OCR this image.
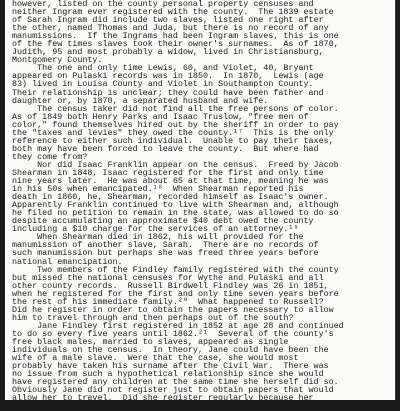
however, listed on the county personal property censuses and
neither Ingram ever registered with the county.  The 1839 estate
of Sarah Ingram did include two slaves, listed one right after
the other, named Thomas and Juda, but there is no record of any
manumissions.  If the Ingrams had been Ingram slaves, this is one
of the few times slaves took their owner's surnames.  As of 1870,
Judith, 95 and most probably a widow, lived in Christiansburg,
Montgomery County.
The one and only time Lewis, 60, and Violet, 40, Bryant
appeared on Pulaski records was in 1850.  In 1870,  Lewis (age
83) lived in Louisa County and Violet in Southampton County.
Their relationship is unclear; they could have been father and
daughter or, by 1870, a separated husband and wife.
The census taker did not find all the free persons of color.
As of 1849 both Henry Parks and Isaac Truslow, "free men of
color," found themselves hired out by the sheriff in order to pay
the "taxes and levies" they owed the county.¹⁷  This is the only
reference to either such individual.  Unable to pay their taxes,
both may have been forced to leave the county.  But where had
they come from?
Nor did Isaac Franklin appear on the census.  Freed by Jacob
Shearman in 1848, Isaac registered for the first and only time
nine years later.  He was about 65 at that time, meaning he was
in his 50s when emancipated.¹⁸  When Shearman reported his
death in 1860, he, Shearman, recorded himself as Isaac's owner.
Apparently Franklin continued to live with Shearman and, although
he filed no petition to remain in the state, was allowed to do so
despite accumulating an approximate $40 debt owed the county
including a $10 charge for the services of an attorney.¹⁹
When Shearman died in 1862, his will provided for the
manumission of another slave, Sarah.  There are no records of
such manumission but perhaps she was freed three years before
national emancipation.
Two members of the Findley family registered with the county
but missed the national censuses for Wythe and Pulaski and all
other county records.  Russell Birdwell Findley was 26 in 1851,
when he registered for the first and only time seven years before
the rest of his immediate family.²⁰  What happened to Russell?
Did he register in order to obtain the papers necessary to allow
him to travel through and then perhaps out of the south?
Jane Findley first registered in 1852 at age 28 and continued
to do so every five years until 1862.²¹  Several of the county's
free black males, married to slaves, appeared as single
individuals on the census.  In theory, Jane could have been the
wife of a male slave.  Were that the case, she would most
probably have taken his surname after the Civil War.  There was
no issue from such a hypothetical relationship since she would
have registered any children at the same time she herself did so.
Obviously Jane did not register just to obtain papers that would
allow her to travel.  Did she register regularly because her
employers so insisted?
